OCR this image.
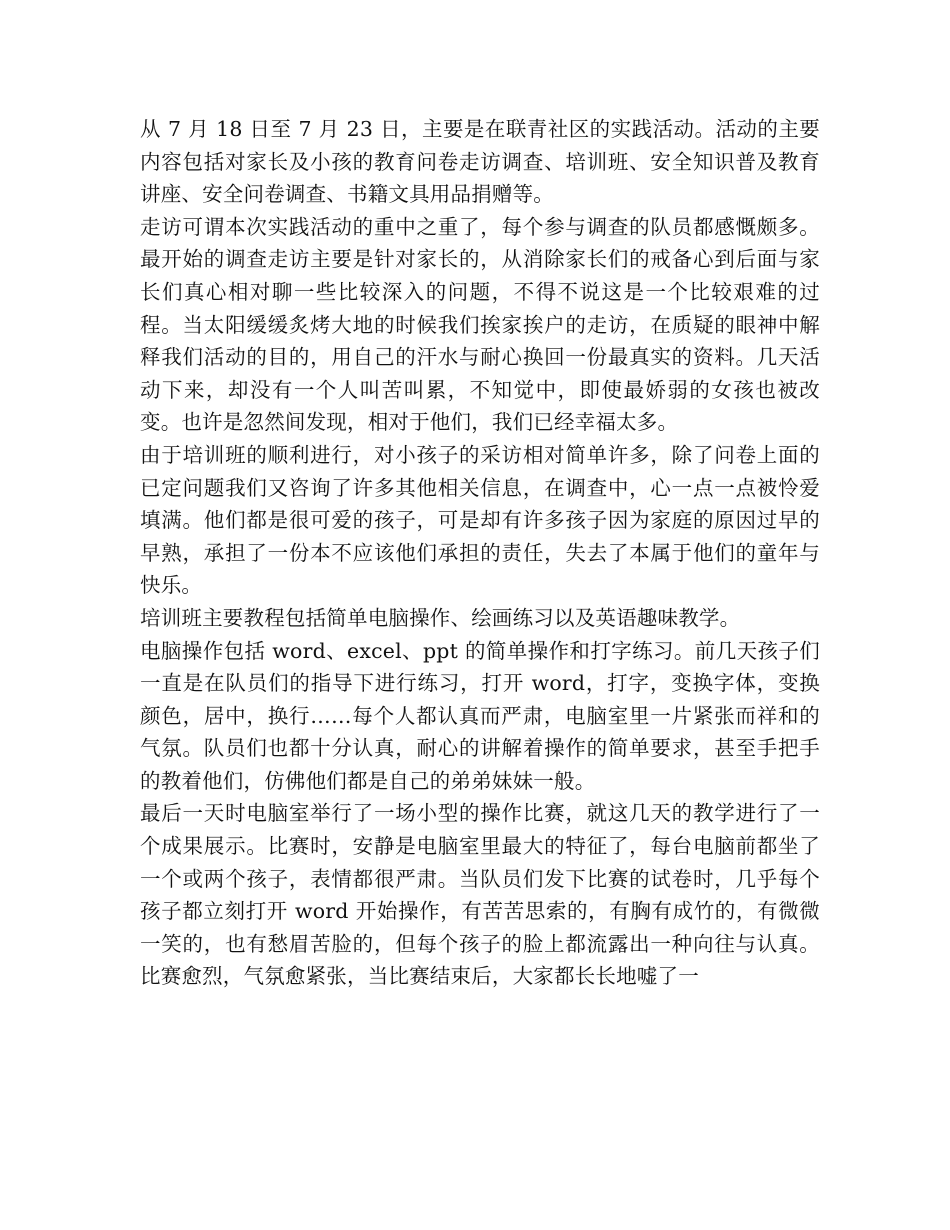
从 7 月 18 日至 7 月 23 日，主要是在联青社区的实践活动。活动的主要内容包括对家长及小孩的教育问卷走访调查、培训班、安全知识普及教育讲座、安全问卷调查、书籍文具用品捐赠等。

走访可谓本次实践活动的重中之重了，每个参与调查的队员都感慨颇多。最开始的调查走访主要是针对家长的，从消除家长们的戒备心到后面与家长们真心相对聊一些比较深入的问题，不得不说这是一个比较艰难的过程。当太阳缓缓炙烤大地的时候我们挨家挨户的走访，在质疑的眼神中解释我们活动的目的，用自己的汗水与耐心换回一份最真实的资料。几天活动下来，却没有一个人叫苦叫累，不知觉中，即使最娇弱的女孩也被改变。也许是忽然间发现，相对于他们，我们已经幸福太多。

由于培训班的顺利进行，对小孩子的采访相对简单许多，除了问卷上面的已定问题我们又咨询了许多其他相关信息，在调查中，心一点一点被怜爱填满。他们都是很可爱的孩子，可是却有许多孩子因为家庭的原因过早的早熟，承担了一份本不应该他们承担的责任，失去了本属于他们的童年与快乐。

培训班主要教程包括简单电脑操作、绘画练习以及英语趣味教学。

电脑操作包括 word、excel、ppt 的简单操作和打字练习。前几天孩子们一直是在队员们的指导下进行练习，打开 word，打字，变换字体，变换颜色，居中，换行……每个人都认真而严肃，电脑室里一片紧张而祥和的气氛。队员们也都十分认真，耐心的讲解着操作的简单要求，甚至手把手的教着他们，仿佛他们都是自己的弟弟妹妹一般。

最后一天时电脑室举行了一场小型的操作比赛，就这几天的教学进行了一个成果展示。比赛时，安静是电脑室里最大的特征了，每台电脑前都坐了一个或两个孩子，表情都很严肃。当队员们发下比赛的试卷时，几乎每个孩子都立刻打开 word 开始操作，有苦苦思索的，有胸有成竹的，有微微一笑的，也有愁眉苦脸的，但每个孩子的脸上都流露出一种向往与认真。比赛愈烈，气氛愈紧张，当比赛结束后，大家都长长地嘘了一
